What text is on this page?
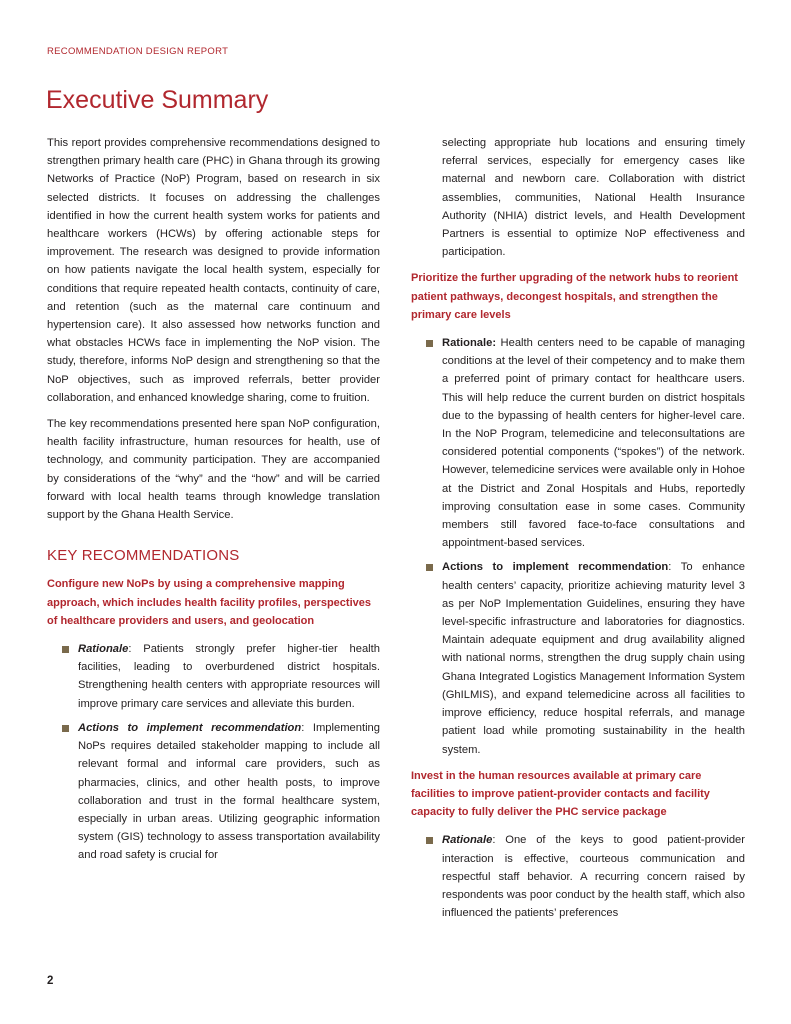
RECOMMENDATION DESIGN REPORT
Executive Summary

This report provides comprehensive recommendations designed to strengthen primary health care (PHC) in Ghana through its growing Networks of Practice (NoP) Program, based on research in six selected districts. It focuses on addressing the challenges identified in how the current health system works for patients and healthcare workers (HCWs) by offering actionable steps for improvement. The research was designed to provide information on how patients navigate the local health system, especially for conditions that require repeated health contacts, continuity of care, and retention (such as the maternal care continuum and hypertension care). It also assessed how networks function and what obstacles HCWs face in implementing the NoP vision. The study, therefore, informs NoP design and strengthening so that the NoP objectives, such as improved referrals, better provider collaboration, and enhanced knowledge sharing, come to fruition.

The key recommendations presented here span NoP configuration, health facility infrastructure, human resources for health, use of technology, and community participation. They are accompanied by considerations of the “why” and the “how” and will be carried forward with local health teams through knowledge translation support by the Ghana Health Service.

KEY RECOMMENDATIONS
Configure new NoPs by using a comprehensive mapping approach, which includes health facility profiles, perspectives of healthcare providers and users, and geolocation
Rationale: Patients strongly prefer higher-tier health facilities, leading to overburdened district hospitals. Strengthening health centers with appropriate resources will improve primary care services and alleviate this burden.
Actions to implement recommendation: Implementing NoPs requires detailed stakeholder mapping to include all relevant formal and informal care providers, such as pharmacies, clinics, and other health posts, to improve collaboration and trust in the formal healthcare system, especially in urban areas. Utilizing geographic information system (GIS) technology to assess transportation availability and road safety is crucial for

selecting appropriate hub locations and ensuring timely referral services, especially for emergency cases like maternal and newborn care. Collaboration with district assemblies, communities, National Health Insurance Authority (NHIA) district levels, and Health Development Partners is essential to optimize NoP effectiveness and participation.

Prioritize the further upgrading of the network hubs to reorient patient pathways, decongest hospitals, and strengthen the primary care levels
Rationale: Health centers need to be capable of managing conditions at the level of their competency and to make them a preferred point of primary contact for healthcare users. This will help reduce the current burden on district hospitals due to the bypassing of health centers for higher-level care. In the NoP Program, telemedicine and teleconsultations are considered potential components (“spokes”) of the network. However, telemedicine services were available only in Hohoe at the District and Zonal Hospitals and Hubs, reportedly improving consultation ease in some cases. Community members still favored face-to-face consultations and appointment-based services.
Actions to implement recommendation: To enhance health centers’ capacity, prioritize achieving maturity level 3 as per NoP Implementation Guidelines, ensuring they have level-specific infrastructure and laboratories for diagnostics. Maintain adequate equipment and drug availability aligned with national norms, strengthen the drug supply chain using Ghana Integrated Logistics Management Information System (GhILMIS), and expand telemedicine across all facilities to improve efficiency, reduce hospital referrals, and manage patient load while promoting sustainability in the health system.
Invest in the human resources available at primary care facilities to improve patient-provider contacts and facility capacity to fully deliver the PHC service package
Rationale: One of the keys to good patient-provider interaction is effective, courteous communication and respectful staff behavior. A recurring concern raised by respondents was poor conduct by the health staff, which also influenced the patients’ preferences
2
